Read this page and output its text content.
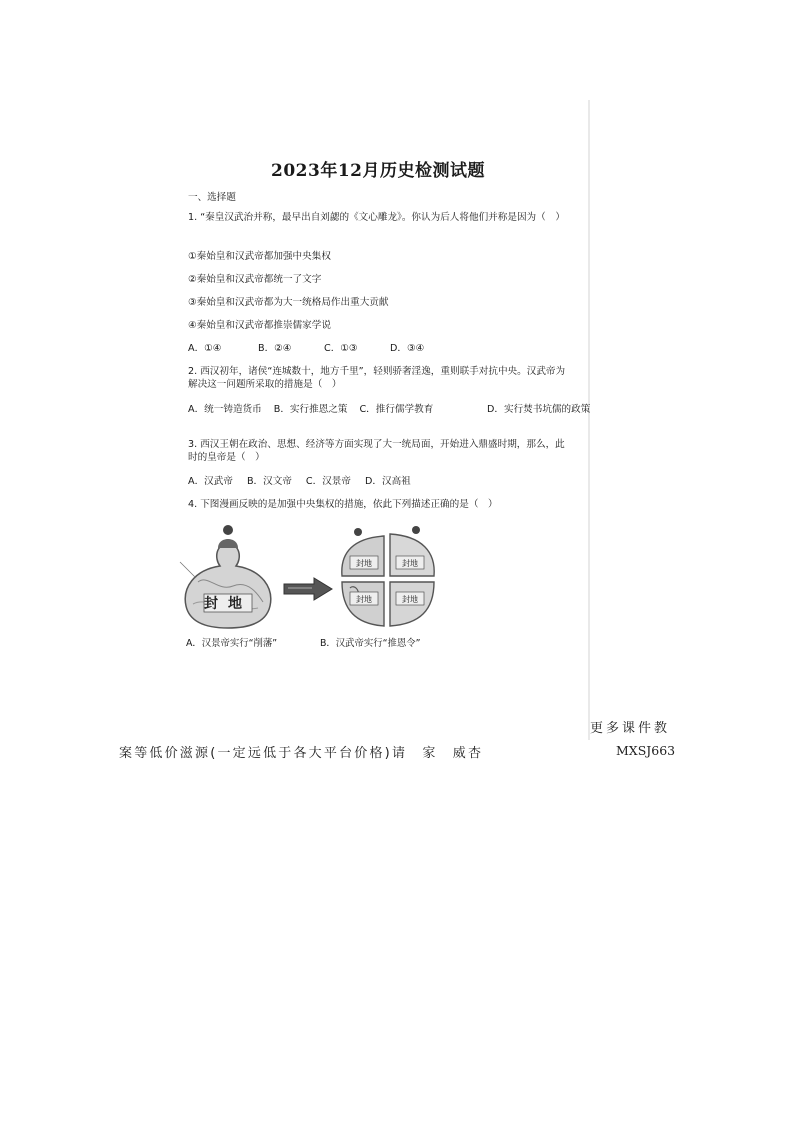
2023年12月历史检测试题
一、选择题
1. “秦皇汉武治并称，最早出自刘勰的《文心雕龙》。你认为后人将他们并称是因为（　）
①秦始皇和汉武帝都加强中央集权
②秦始皇和汉武帝都统一了文字
③秦始皇和汉武帝都为大一统格局作出重大贡献
④秦始皇和汉武帝都推崇儒家学说
A．①④	B．②④	C．①③	D．③④
2. 西汉初年，诸侯“连城数十，地方千里”，轻则骄奢淫逸，重则联手对抗中央。汉武帝为解决这一问题所采取的措施是（　）
A．统一铸造货币 B．实行推恩之策 C．推行儒学教育	D．实行焚书坑儒的政策
3. 西汉王朝在政治、思想、经济等方面实现了大一统局面，开始进入鼎盛时期，那么，此时的皇帝是（　）
A．汉武帝 B．汉文帝 C．汉景帝 D．汉高祖
4. 下图漫画反映的是加强中央集权的措施，依此下列描述正确的是（　）
封地
封地	封地
封地	封地
A．汉景帝实行“削藩”	B．汉武帝实行“推恩令”
更多课件教
案等低价滋源(一定远低于各大平台价格)请　家　威杏	MXSJ663
